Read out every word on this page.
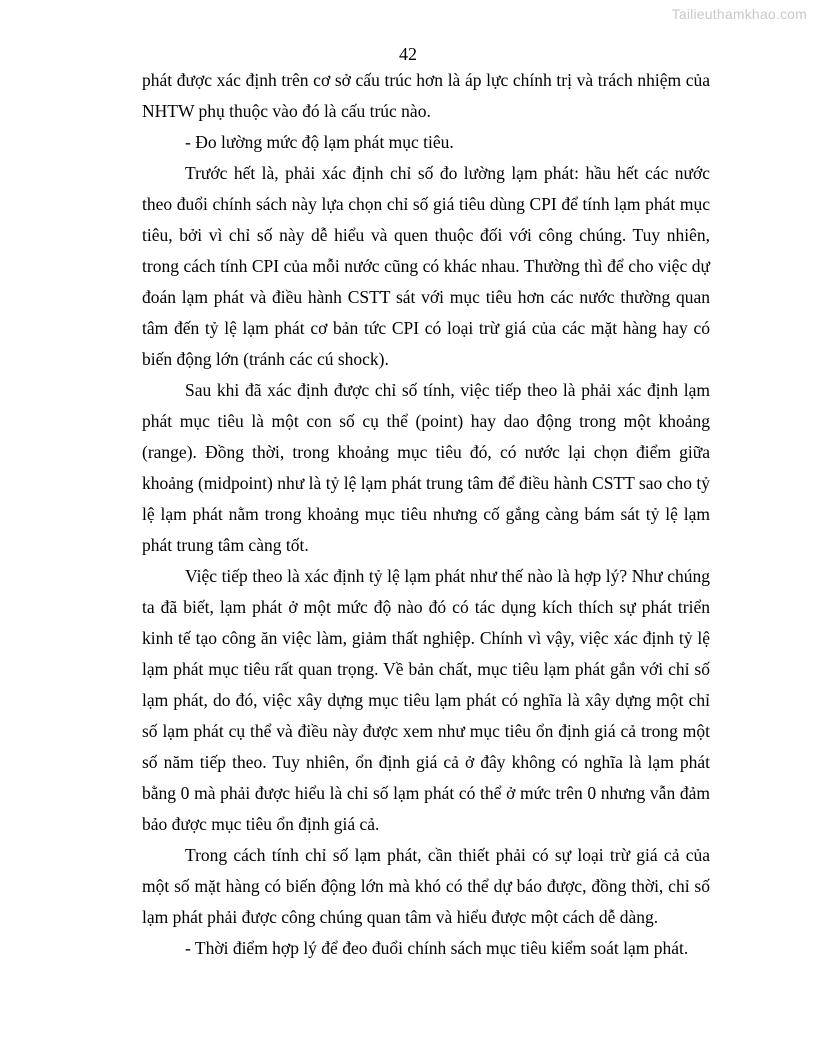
Tailieuthamkhao.com
42

phát được xác định trên cơ sở cấu trúc hơn là áp lực chính trị và trách nhiệm của NHTW phụ thuộc vào đó là cấu trúc nào.

- Đo lường mức độ lạm phát mục tiêu.

Trước hết là, phải xác định chỉ số đo lường lạm phát: hầu hết các nước theo đuổi chính sách này lựa chọn chỉ số giá tiêu dùng CPI để tính lạm phát mục tiêu, bởi vì chỉ số này dễ hiểu và quen thuộc đối với công chúng. Tuy nhiên, trong cách tính CPI của mỗi nước cũng có khác nhau. Thường thì để cho việc dự đoán lạm phát và điều hành CSTT sát với mục tiêu hơn các nước thường quan tâm đến tỷ lệ lạm phát cơ bản tức CPI có loại trừ giá của các mặt hàng hay có biến động lớn (tránh các cú shock).

Sau khi đã xác định được chỉ số tính, việc tiếp theo là phải xác định lạm phát mục tiêu là một con số cụ thể (point) hay dao động trong một khoảng (range). Đồng thời, trong khoảng mục tiêu đó, có nước lại chọn điểm giữa khoảng (midpoint) như là tỷ lệ lạm phát trung tâm để điều hành CSTT sao cho tỷ lệ lạm phát nằm trong khoảng mục tiêu nhưng cố gắng càng bám sát tỷ lệ lạm phát trung tâm càng tốt.

Việc tiếp theo là xác định tỷ lệ lạm phát như thế nào là hợp lý? Như chúng ta đã biết, lạm phát ở một mức độ nào đó có tác dụng kích thích sự phát triển kinh tế tạo công ăn việc làm, giảm thất nghiệp. Chính vì vậy, việc xác định tỷ lệ lạm phát mục tiêu rất quan trọng. Về bản chất, mục tiêu lạm phát gắn với chỉ số lạm phát, do đó, việc xây dựng mục tiêu lạm phát có nghĩa là xây dựng một chỉ số lạm phát cụ thể và điều này được xem như mục tiêu ổn định giá cả trong một số năm tiếp theo. Tuy nhiên, ổn định giá cả ở đây không có nghĩa là lạm phát bằng 0 mà phải được hiểu là chỉ số lạm phát có thể ở mức trên 0 nhưng vẫn đảm bảo được mục tiêu ổn định giá cả.

Trong cách tính chỉ số lạm phát, cần thiết phải có sự loại trừ giá cả của một số mặt hàng có biến động lớn mà khó có thể dự báo được, đồng thời, chỉ số lạm phát phải được công chúng quan tâm và hiểu được một cách dễ dàng.

- Thời điểm hợp lý để đeo đuổi chính sách mục tiêu kiểm soát lạm phát.
